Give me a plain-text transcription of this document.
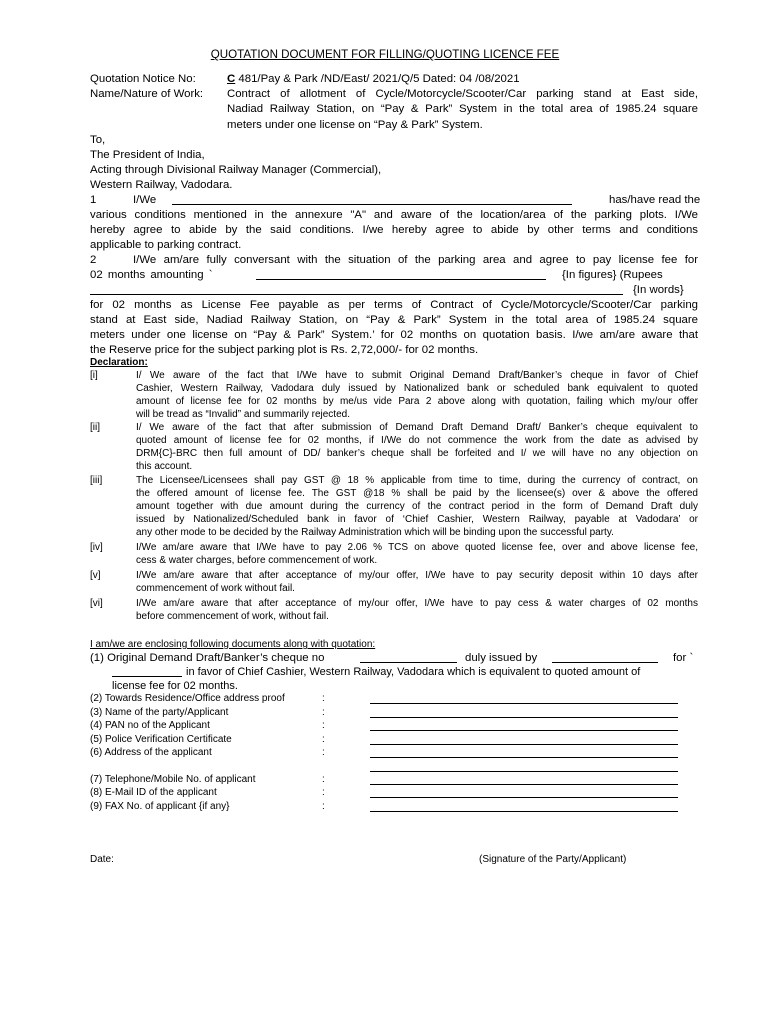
QUOTATION DOCUMENT FOR FILLING/QUOTING LICENCE FEE
Quotation Notice No:	C 481/Pay & Park /ND/East/ 2021/Q/5 Dated: 04 /08/2021
Name/Nature of Work: Contract of allotment of Cycle/Motorcycle/Scooter/Car parking stand at East side,
Nadiad Railway Station, on “Pay & Park” System in the total area of 1985.24 square
meters under one license on “Pay & Park” System.
To,
The President of India,
Acting through Divisional Railway Manager (Commercial),
Western Railway, Vadodara.
1	I/We	has/have read the
various conditions mentioned in the annexure "A" and aware of the location/area of the parking plots. I/We
hereby agree to abide by the said conditions. I/we hereby agree to abide by other terms and conditions
applicable to parking contract.
2	I/We am/are fully conversant with the situation of the parking area and agree to pay license fee for
02 months amounting `	{In figures} (Rupees
{In words}
for 02 months as License Fee payable as per terms of Contract of Cycle/Motorcycle/Scooter/Car parking
stand at East side, Nadiad Railway Station, on “Pay & Park” System in the total area of 1985.24 square
meters under one license on “Pay & Park” System.’ for 02 months on quotation basis. I/we am/are aware that
the Reserve price for the subject parking plot is Rs. 2,72,000/- for 02 months.
Declaration:
[i]	I/ We aware of the fact that I/We have to submit Original Demand Draft/Banker’s cheque in favor of Chief
Cashier, Western Railway, Vadodara duly issued by Nationalized bank or scheduled bank equivalent to quoted
amount of license fee for 02 months by me/us vide Para 2 above along with quotation, failing which my/our offer
will be tread as “Invalid” and summarily rejected.
[ii]	I/ We aware of the fact that after submission of Demand Draft Demand Draft/ Banker’s cheque equivalent to
quoted amount of license fee for 02 months, if I/We do not commence the work from the date as advised by
DRM{C}-BRC then full amount of DD/ banker’s cheque shall be forfeited and I/ we will have no any objection on
this account.
[iii]	The Licensee/Licensees shall pay GST @ 18 % applicable from time to time, during the currency of contract, on
the offered amount of license fee. The GST @18 % shall be paid by the licensee(s) over & above the offered
amount together with due amount during the currency of the contract period in the form of Demand Draft duly
issued by Nationalized/Scheduled bank in favor of ‘Chief Cashier, Western Railway, payable at Vadodara’ or
any other mode to be decided by the Railway Administration which will be binding upon the successful party.
[iv]	I/We am/are aware that I/We have to pay 2.06 % TCS on above quoted license fee, over and above license fee,
cess & water charges, before commencement of work.
[v]	I/We am/are aware that after acceptance of my/our offer, I/We have to pay security deposit within 10 days after
commencement of work without fail.
[vi]	I/We am/are aware that after acceptance of my/our offer, I/We have to pay cess & water charges of 02 months
before commencement of work, without fail.
I am/we are enclosing following documents along with quotation:
(1) Original Demand Draft/Banker’s cheque no	duly issued by	for `
in favor of Chief Cashier, Western Railway, Vadodara which is equivalent to quoted amount of
license fee for 02 months.
(2) Towards Residence/Office address proof	:
(3) Name of the party/Applicant	:
(4) PAN no of the Applicant	:
(5) Police Verification Certificate	:
(6) Address of the applicant	:
(7) Telephone/Mobile No. of applicant	:
(8) E-Mail ID of the applicant	:
(9) FAX No. of applicant {if any}	:
Date:	(Signature of the Party/Applicant)
